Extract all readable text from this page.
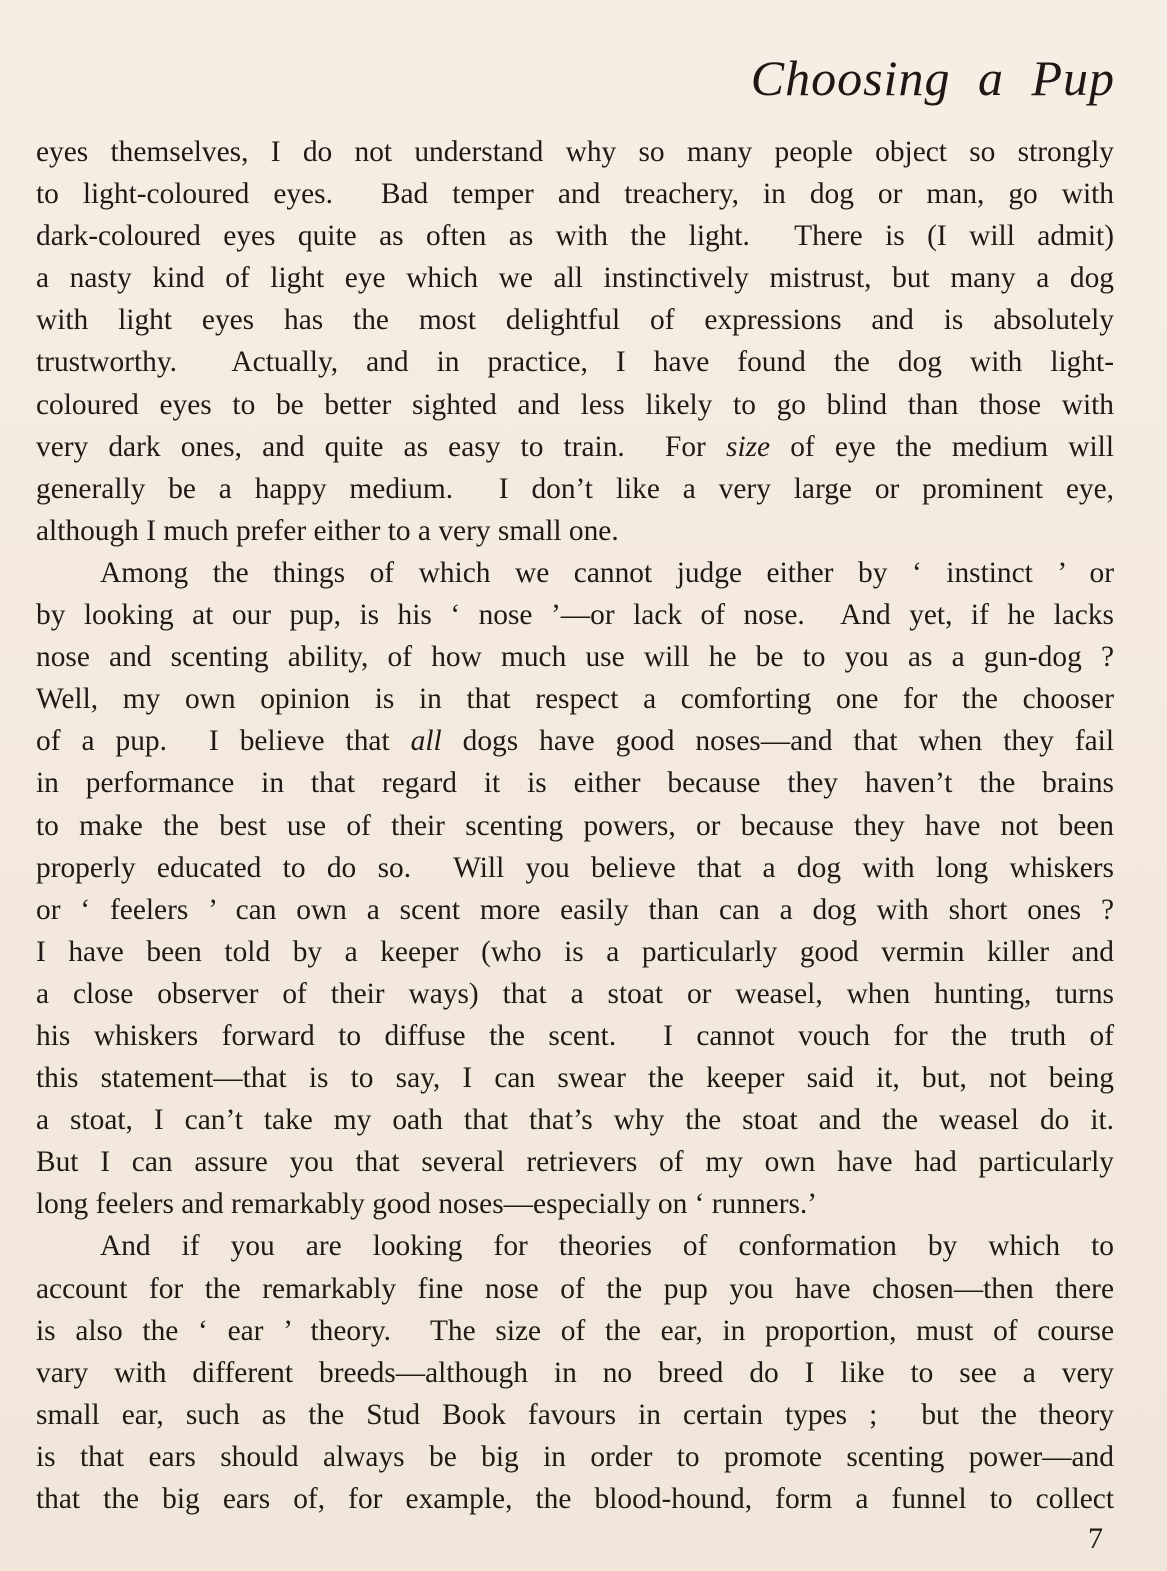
Choosing a Pup
eyes themselves, I do not understand why so many people object so strongly
to light-coloured eyes.  Bad temper and treachery, in dog or man, go with
dark-coloured eyes quite as often as with the light.  There is (I will admit)
a nasty kind of light eye which we all instinctively mistrust, but many a dog
with light eyes has the most delightful of expressions and is absolutely
trustworthy.  Actually, and in practice, I have found the dog with light-
coloured eyes to be better sighted and less likely to go blind than those with
very dark ones, and quite as easy to train.  For size of eye the medium will
generally be a happy medium.  I don’t like a very large or prominent eye,
although I much prefer either to a very small one.
Among the things of which we cannot judge either by ‘ instinct ’ or
by looking at our pup, is his ‘ nose ’—or lack of nose.  And yet, if he lacks
nose and scenting ability, of how much use will he be to you as a gun-dog ?
Well, my own opinion is in that respect a comforting one for the chooser
of a pup.  I believe that all dogs have good noses—and that when they fail
in performance in that regard it is either because they haven’t the brains
to make the best use of their scenting powers, or because they have not been
properly educated to do so.  Will you believe that a dog with long whiskers
or ‘ feelers ’ can own a scent more easily than can a dog with short ones ?
I have been told by a keeper (who is a particularly good vermin killer and
a close observer of their ways) that a stoat or weasel, when hunting, turns
his whiskers forward to diffuse the scent.  I cannot vouch for the truth of
this statement—that is to say, I can swear the keeper said it, but, not being
a stoat, I can’t take my oath that that’s why the stoat and the weasel do it.
But I can assure you that several retrievers of my own have had particularly
long feelers and remarkably good noses—especially on ‘ runners.’
And if you are looking for theories of conformation by which to
account for the remarkably fine nose of the pup you have chosen—then there
is also the ‘ ear ’ theory.  The size of the ear, in proportion, must of course
vary with different breeds—although in no breed do I like to see a very
small ear, such as the Stud Book favours in certain types ;  but the theory
is that ears should always be big in order to promote scenting power—and
that the big ears of, for example, the blood-hound, form a funnel to collect
7
